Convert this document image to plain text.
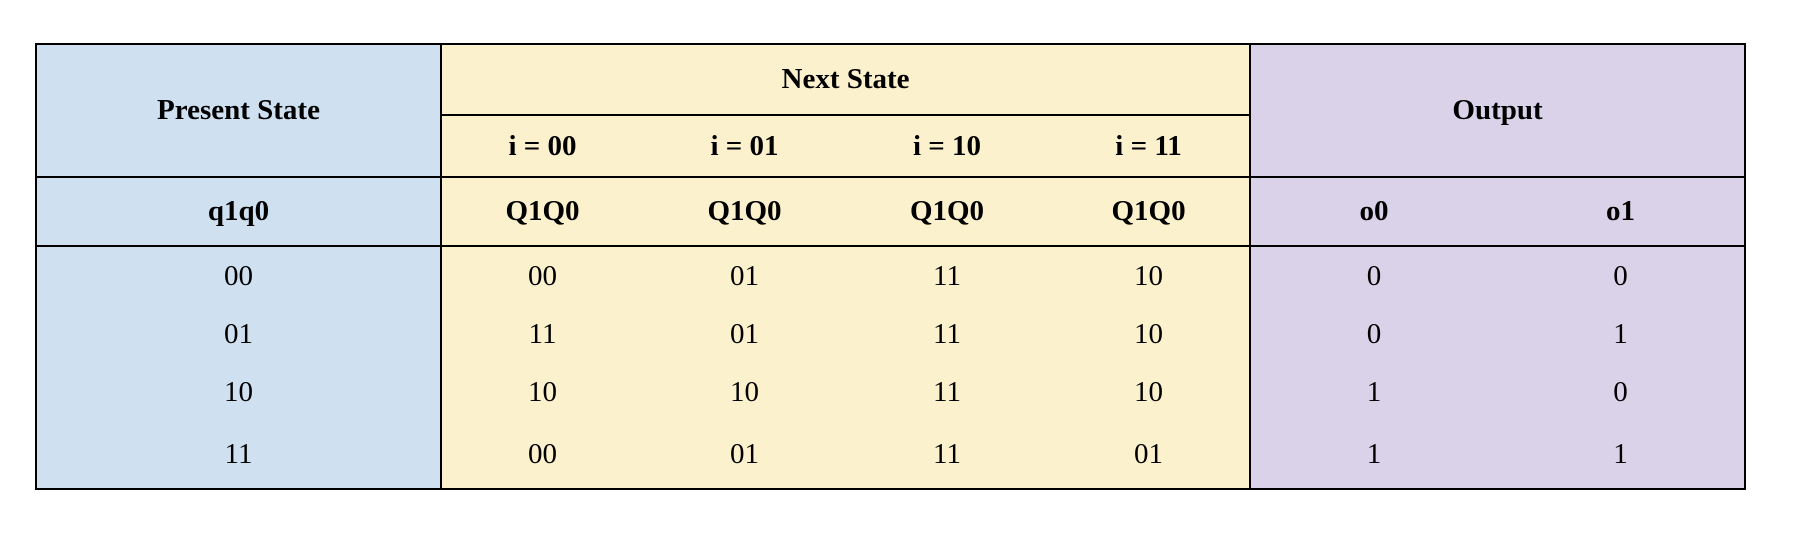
Present State	Next State				Output	
	i = 00	i = 01	i = 10	i = 11		
q1q0	Q1Q0	Q1Q0	Q1Q0	Q1Q0	o0	o1
00	00	01	11	10	0	0
01	11	01	11	10	0	1
10	10	10	11	10	1	0
11	00	01	11	01	1	1
